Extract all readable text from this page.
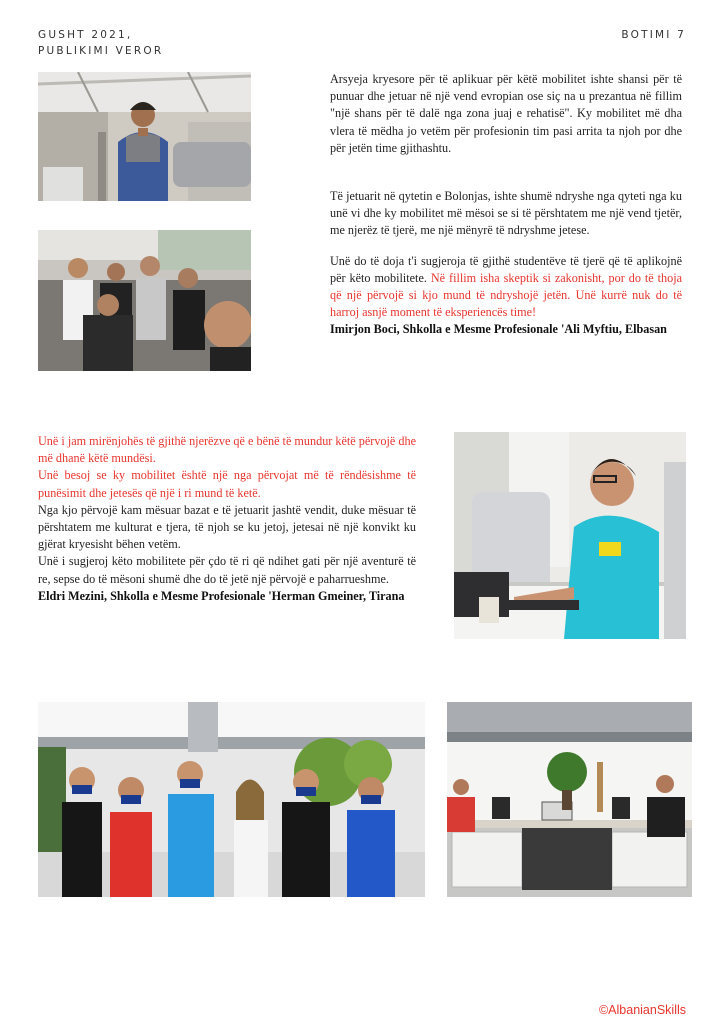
GUSHT 2021,
PUBLIKIMI VEROR
BOTIMI 7

Arsyeja kryesore për të aplikuar për këtë mobilitet ishte shansi për të punuar dhe jetuar në një vend evropian ose siç na u prezantua në fillim "një shans për të dalë nga zona juaj e rehatisë". Ky mobilitet më dha vlera të mëdha jo vetëm për profesionin tim pasi arrita ta njoh por dhe për jetën time gjithashtu.

Të jetuarit në qytetin e Bolonjas, ishte shumë ndryshe nga qyteti nga ku unë vi dhe ky mobilitet më mësoi se si të përshtatem me një vend tjetër, me njerëz të tjerë, me një mënyrë të ndryshme jetese.

Unë do të doja t'i sugjeroja të gjithë studentëve të tjerë që të aplikojnë për këto mobilitete. Në fillim isha skeptik si zakonisht, por do të thoja që një përvojë si kjo mund të ndryshojë jetën. Unë kurrë nuk do të harroj asnjë moment të eksperiencës time!

Imirjon Boci, Shkolla e Mesme Profesionale 'Ali Myftiu, Elbasan

Unë i jam mirënjohës të gjithë njerëzve që e bënë të mundur këtë përvojë dhe më dhanë këtë mundësi.

Unë besoj se ky mobilitet është një nga përvojat më të rëndësishme të punësimit dhe jetesës që një i ri mund të ketë.

Nga kjo përvojë kam mësuar bazat e të jetuarit jashtë vendit, duke mësuar të përshtatem me kulturat e tjera, të njoh se ku jetoj, jetesai në një konvikt ku gjërat kryesisht bëhen vetëm.

Unë i sugjeroj këto mobilitete për çdo të ri që ndihet gati për një aventurë të re, sepse do të mësoni shumë dhe do të jetë një përvojë e paharrueshme.

Eldri Mezini, Shkolla e Mesme Profesionale 'Herman Gmeiner, Tirana

©AlbanianSkills
